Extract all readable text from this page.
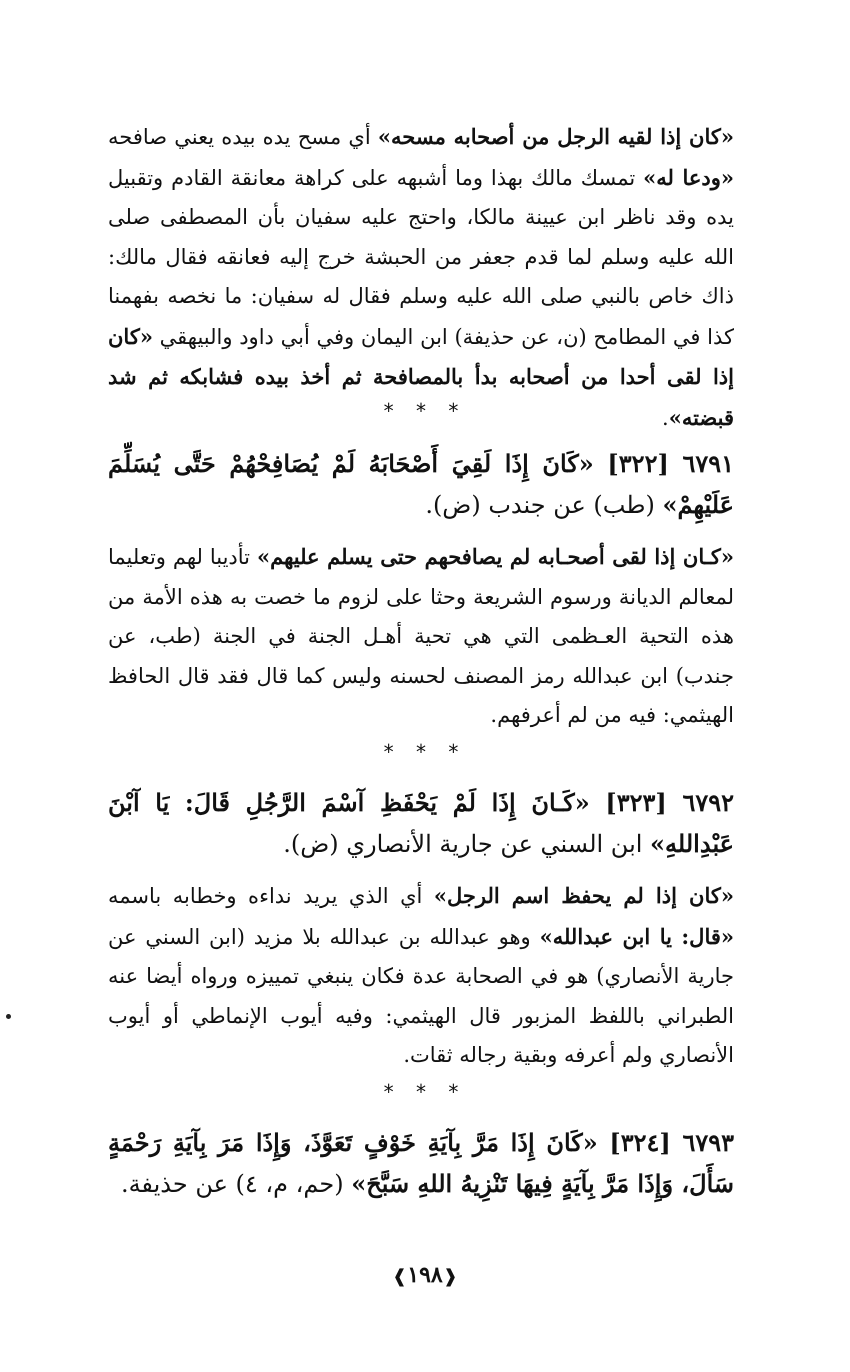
«كان إذا لقيه الرجل من أصحابه مسحه» أي مسح يده بيده يعني صافحه «ودعا له» تمسك مالك بهذا وما أشبهه على كراهة معانقة القادم وتقبيل يده وقد ناظر ابن عيينة مالكا، واحتج عليه سفيان بأن المصطفى صلى الله عليه وسلم لما قدم جعفر من الحبشة خرج إليه فعانقه فقال مالك: ذاك خاص بالنبي صلى الله عليه وسلم فقال له سفيان: ما نخصه بفهمنا كذا في المطامح (ن، عن حذيفة) ابن اليمان وفي أبي داود والبيهقي «كان إذا لقى أحدا من أصحابه بدأ بالمصافحة ثم أخذ بيده فشابكه ثم شد قبضته».

* * *

٦٧٩١ [٣٢٢] «كَانَ إِذَا لَقِيَ أَصْحَابَهُ لَمْ يُصَافِحْهُمْ حَتَّى يُسَلِّمَ عَلَيْهِمْ» (طب) عن جندب (ض).

«كـان إذا لقى أصحـابه لم يصافحهم حتى يسلم عليهم» تأديبا لهم وتعليما لمعالم الديانة ورسوم الشريعة وحثا على لزوم ما خصت به هذه الأمة من هذه التحية العـظمى التي هي تحية أهـل الجنة في الجنة (طب، عن جندب) ابن عبدالله رمز المصنف لحسنه وليس كما قال فقد قال الحافظ الهيثمي: فيه من لم أعرفهم.

* * *

٦٧٩٢ [٣٢٣] «كَـانَ إِذَا لَمْ يَحْفَظِ آسْمَ الرَّجُلِ قَالَ: يَا آبْنَ عَبْدِاللهِ» ابن السني عن جارية الأنصاري (ض).

«كان إذا لم يحفظ اسم الرجل» أي الذي يريد نداءه وخطابه باسمه «قال: يا ابن عبدالله» وهو عبدالله بن عبدالله بلا مزيد (ابن السني عن جارية الأنصاري) هو في الصحابة عدة فكان ينبغي تمييزه ورواه أيضا عنه الطبراني باللفظ المزبور قال الهيثمي: وفيه أيوب الإنماطي أو أيوب الأنصاري ولم أعرفه وبقية رجاله ثقات.

* * *

٦٧٩٣ [٣٢٤] «كَانَ إِذَا مَرَّ بِآيَةِ خَوْفٍ تَعَوَّذَ، وَإِذَا مَرَ بِآيَةِ رَحْمَةٍ سَأَلَ، وَإِذَا مَرَّ بِآيَةٍ فِيهَا تَنْزِيهُ اللهِ سَبَّحَ» (حم، م، ٤) عن حذيفة.

❰١٩٨❱
